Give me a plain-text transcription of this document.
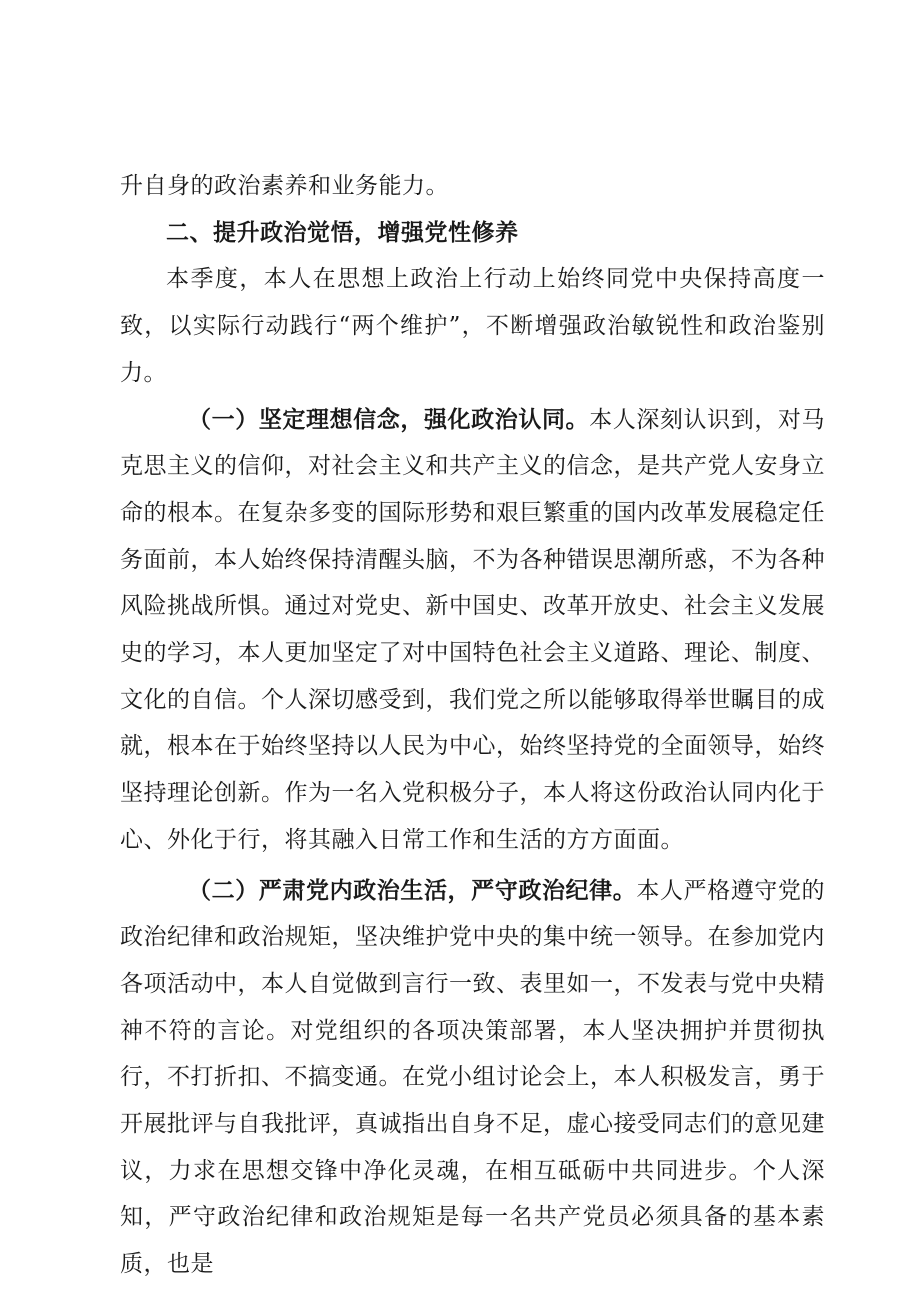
升自身的政治素养和业务能力。

二、提升政治觉悟，增强党性修养

本季度，本人在思想上政治上行动上始终同党中央保持高度一致，以实际行动践行“两个维护”，不断增强政治敏锐性和政治鉴别力。

（一）坚定理想信念，强化政治认同。本人深刻认识到，对马克思主义的信仰，对社会主义和共产主义的信念，是共产党人安身立命的根本。在复杂多变的国际形势和艰巨繁重的国内改革发展稳定任务面前，本人始终保持清醒头脑，不为各种错误思潮所惑，不为各种风险挑战所惧。通过对党史、新中国史、改革开放史、社会主义发展史的学习，本人更加坚定了对中国特色社会主义道路、理论、制度、文化的自信。个人深切感受到，我们党之所以能够取得举世瞩目的成就，根本在于始终坚持以人民为中心，始终坚持党的全面领导，始终坚持理论创新。作为一名入党积极分子，本人将这份政治认同内化于心、外化于行，将其融入日常工作和生活的方方面面。

（二）严肃党内政治生活，严守政治纪律。本人严格遵守党的政治纪律和政治规矩，坚决维护党中央的集中统一领导。在参加党内各项活动中，本人自觉做到言行一致、表里如一，不发表与党中央精神不符的言论。对党组织的各项决策部署，本人坚决拥护并贯彻执行，不打折扣、不搞变通。在党小组讨论会上，本人积极发言，勇于开展批评与自我批评，真诚指出自身不足，虚心接受同志们的意见建议，力求在思想交锋中净化灵魂，在相互砥砺中共同进步。个人深知，严守政治纪律和政治规矩是每一名共产党员必须具备的基本素质，也是
